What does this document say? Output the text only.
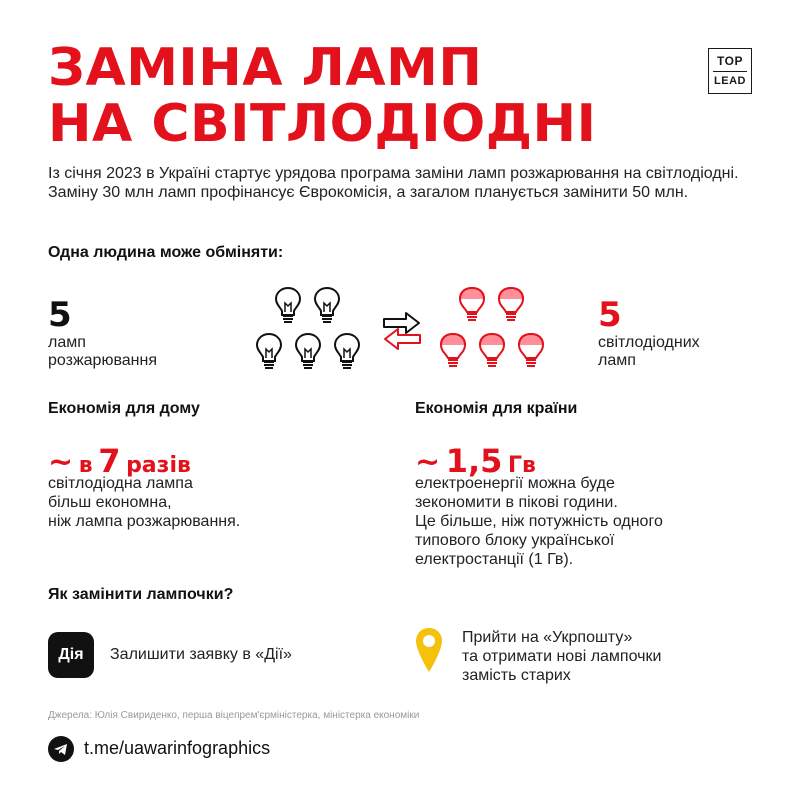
ЗАМІНА ЛАМП
НА СВІТЛОДІОДНІ
TOP
LEAD
Із січня 2023 в Україні стартує урядова програма заміни ламп розжарювання на світлодіодні. Заміну 30 млн ламп профінансує Єврокомісія, а загалом планується замінити 50 млн.
Одна людина може обміняти:
5
ламп
розжарювання
5
світлодіодних
ламп
Економія для дому
~ в 7 разів
світлодіодна лампа
більш економна,
ніж лампа розжарювання.
Економія для країни
~ 1,5 Гв
електроенергії можна буде
зекономити в пікові години.
Це більше, ніж потужність одного
типового блоку української
електростанції (1 Гв).
Як замінити лампочки?
Дія	Залишити заявку в «Дії»
Прийти на «Укрпошту»
та отримати нові лампочки
замість старих
Джерела: Юлія Свириденко, перша віцепрем'єрміністерка, міністерка економіки
t.me/uawarinfographics
